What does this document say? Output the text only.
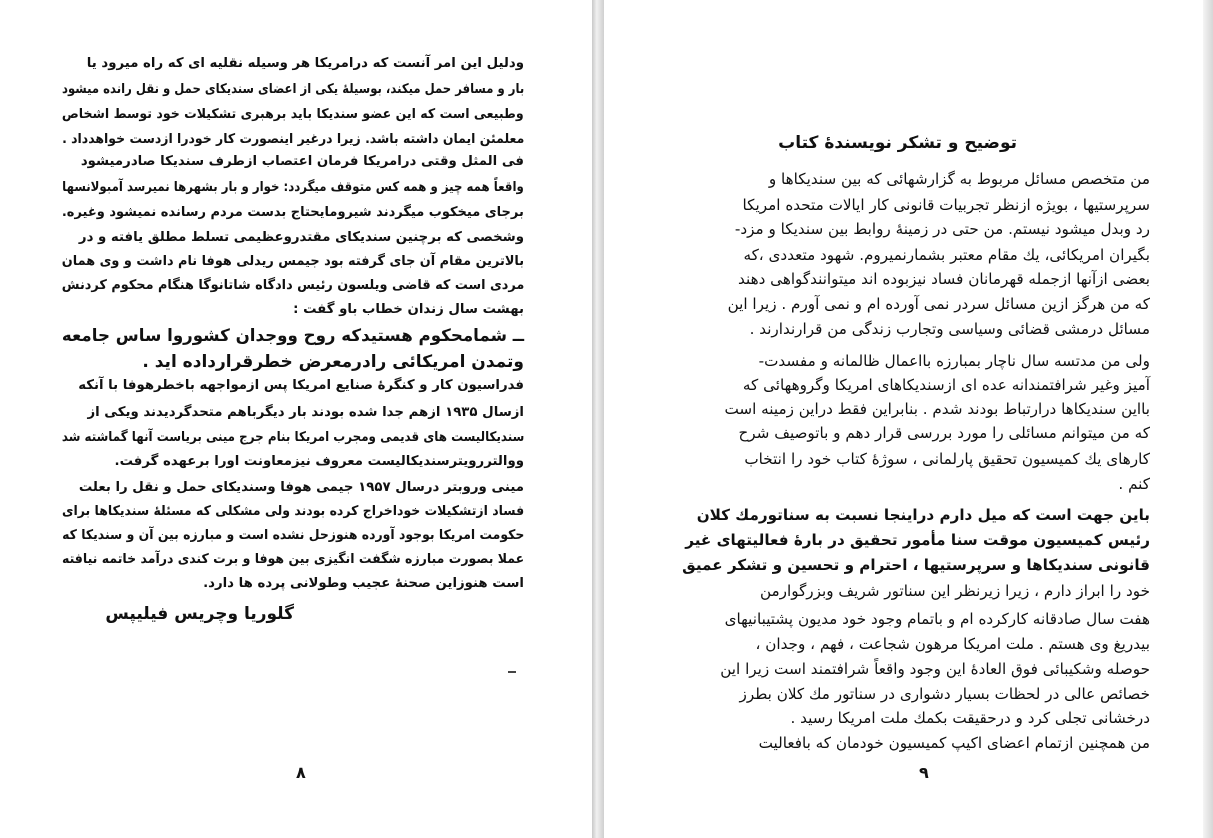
ودلیل این امر آنست که درامریکا هر وسیله نقلیه ای که راه میرود یا
بار و مسافر حمل میکند، بوسیلۀ یکی از اعضای سندیکای حمل و نقل رانده میشود
وطبیعی است که این عضو سندیکا باید برهبری تشکیلات خود توسط اشخاص
معلمئن ایمان داشته باشد. زیرا درغیر اینصورت کار خودرا ازدست خواهدداد .
فی المثل وقتی درامریکا فرمان اعتصاب ازطرف سندیکا صادرمیشود
واقعاً همه چیز و همه کس متوقف میگردد: خوار و بار بشهرها نمیرسد آمبولانسها
برجای میخکوب میگردند شیرومایحتاج بدست مردم رسانده نمیشود وغیره.
وشخصی که برچنین سندیکای مقتدروعظیمی تسلط مطلق یافته و در
بالاترین مقام آن جای گرفته بود جیمس ریدلی هوفا نام داشت و وی همان
مردی است که قاضی ویلسون رئیس دادگاه شاتانوگا هنگام محکوم کردنش
بهشت سال زندان خطاب باو گفت :
ــ شمامحکوم هستیدکه روح ووجدان کشوروا ساس جامعه
وتمدن امریکائی رادرمعرض خطرقرارداده اید .
فدراسیون کار و کنگرۀ صنایع امریکا پس ازمواجهه باخطرهوفا با آنکه
ازسال ۱۹۳۵ ازهم جدا شده بودند بار دیگرباهم متحدگردیدند ویکی از
سندیکالیست های قدیمی ومجرب امریکا بنام جرج مینی بریاست آنها گماشته شد
ووالتررویترسندیکالیست معروف نیزمعاونت اورا برعهده گرفت.
مینی وروبتر درسال ۱۹۵۷ جیمی هوفا وسندیکای حمل و نقل را بعلت
فساد ازتشکیلات خوداخراج کرده بودند ولی مشکلی که مسئلۀ سندیکاها برای
حکومت امریکا بوجود آورده هنوزحل نشده است و مبارزه بین آن و سندیکا که
عملا بصورت مبارزه شگفت انگیزی بین هوفا و برت کندی درآمد خاتمه نیافته
است هنوزاین صحنۀ عجیب وطولانی پرده ها دارد.
گلوریا وچریس فیلیپس
۸
توضیح و تشکر نویسندۀ کتاب
من متخصص مسائل مربوط به گزارشهائی که بین سندیکاها و
سرپرستیها ، بویژه ازنظر تجربیات قانونی کار ایالات متحده امریکا
رد وبدل میشود نیستم. من حتی در زمینۀ روابط بین سندیکا و مزد-
بگیران امریکائی، یك مقام معتبر بشمارنمیروم. شهود متعددی ،که
بعضی ازآنها ازجمله قهرمانان فساد نیزبوده اند میتوانندگواهی دهند
که من هرگز ازین مسائل سردر نمی آورده ام و نمی آورم . زیرا این
مسائل درمشی قضائی وسیاسی وتجارب زندگی من قرارندارند .
ولی من مدتسه سال ناچار بمبارزه بااعمال ظالمانه و مفسدت-
آمیز وغیر شرافتمندانه عده ای ازسندیکاهای امریکا وگروههائی که
بااین سندیکاها درارتباط بودند شدم . بنابراین فقط دراین زمینه است
که من میتوانم مسائلی را مورد بررسی قرار دهم و باتوصیف شرح
کارهای یك کمیسیون تحقیق پارلمانی ، سوژۀ کتاب خود را انتخاب
کنم .
باین جهت است که میل دارم دراینجا نسبت به سناتورمك کلان
رئیس کمیسیون موقت سنا مأمور تحقیق در بارۀ فعالیتهای غیر
قانونی سندیکاها و سرپرستیها ، احترام و تحسین و تشکر عمیق
خود را ابراز دارم ، زیرا زیرنظر این سناتور شریف وبزرگوارمن
هفت سال صادقانه کارکرده ام و باتمام وجود خود مدیون پشتیبانیهای
بیدریغ وی هستم . ملت امریکا مرهون شجاعت ، فهم ، وجدان ،
حوصله وشکیبائی فوق العادۀ این وجود واقعاً شرافتمند است زیرا این
خصائص عالی در لحظات بسیار دشواری در سناتور مك کلان بطرز
درخشانی تجلی کرد و درحقیقت بکمك ملت امریکا رسید .
من همچنین ازتمام اعضای اکیپ کمیسیون خودمان که بافعالیت
۹
